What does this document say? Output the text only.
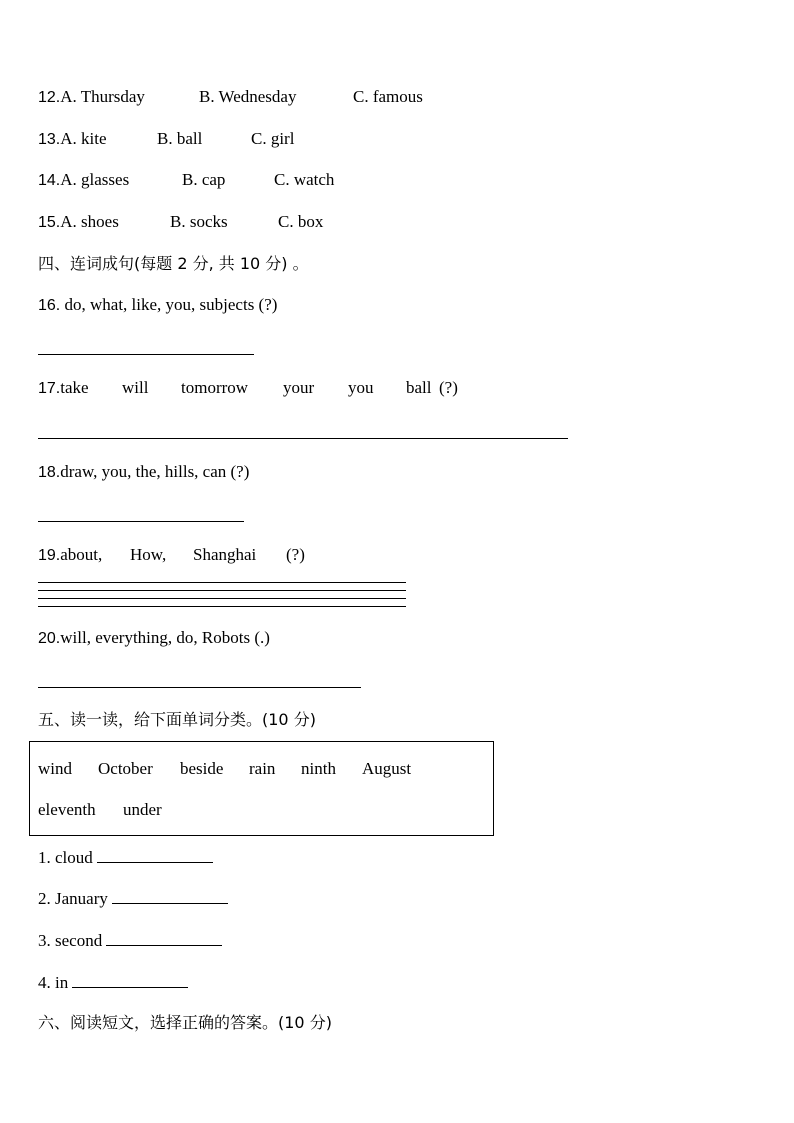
12.A. Thursday	B. Wednesday	C. famous
13.A. kite	B. ball	C. girl
14.A. glasses	B. cap	C. watch
15.A. shoes	B. socks	C. box
四、连词成句(每题 2 分, 共 10 分) 。
16. do, what, like, you, subjects (?)
17.take will tomorrow your you ball (?)
18.draw, you, the, hills, can (?)
19.about, How, Shanghai (?)
20.will, everything, do, Robots (.)
五、读一读，给下面单词分类。(10 分)
wind October beside rain ninth August
eleventh under
1. cloud
2. January
3. second
4. in
六、阅读短文，选择正确的答案。(10 分)
